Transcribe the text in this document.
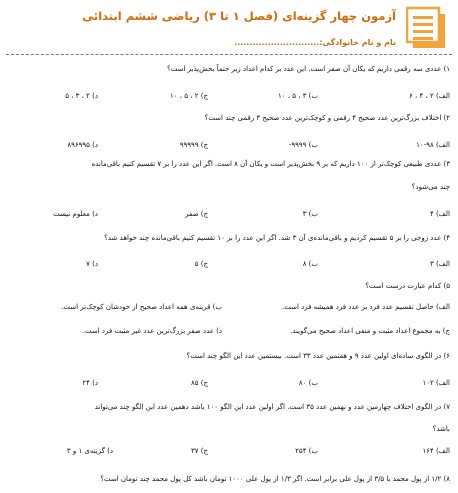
آزمون چهار گزینه‌ای (فصل ۱ تا ۳) ریاضی ششم ابتدائی
نام و نام خانوادگی:............................
۱) عددی سه رقمی داریم که یکان آن صفر است. این عدد بر کدام اعداد زیر حتماً بخش‌پذیر است؟
الف) ۲ ، ۴ ، ۶
ب) ۳ ، ۵ ، ۱۰
ج) ۲ ، ۵ ، ۱۰
د) ۲ ، ۳ ، ۵
۲) اختلاف بزرگ‌ترین عدد صحیح ۴ رقمی و کوچک‌ترین عدد صحیح ۳ رقمی چند است؟
الف) ۹۸-۱۰
ب) ۹۹۹۹-
ج) ۹۹۹۹۹
د) ۸۹۶۹۹۵
۳) عددی طبیعی کوچک‌تر از ۱۰۰ داریم که بر ۹ بخش‌پذیر است و یکان آن ۸ است. اگر این عدد را بر ۷ تقسیم کنیم باقی‌مانده
چند می‌شود؟
الف) ۴
ب) ۳
ج) صفر
د) معلوم نیست
۴) عدد زوجی را بر ۵ تقسیم کردیم و باقی‌مانده‌ی آن ۳ شد. اگر این عدد را بر ۱۰ تقسیم کنیم باقی‌مانده چند خواهد شد؟
الف) ۳
ب) ۸
ج) ۵
د) ۷
۵) کدام عبارت درست است؟
الف) حاصل تقسیم عدد فرد بر عدد فرد همیشه فرد است.
ب) قرینه‌ی همه اعداد صحیح از خودشان کوچک‌تر است.
ج) به مجموع اعداد مثبت و منفی اعداد صحیح می‌گویند.
د) عدد صفر بزرگ‌ترین عدد غیر مثبت فرد است.
۶) در الگوی ساده‌ای اولین عدد ۹ و هفتمین عدد ۳۳ است. بیستمین عدد این الگو چند است؟
الف) ۱۰۲
ب) ۸۰
ج) ۸۵
د) ۲۴
۷) در الگوی اختلاف چهارمین عدد و نهمین عدد ۳۵ است. اگر اولین عدد این الگو ۱۰۰ باشد دهمین عدد این الگو چند می‌تواند
باشد؟
الف) ۱۶۴
ب) ۲۵۴
ج) ۳۷
د) گزینه‌ی ۱ و ۳
۸) ۱/۲ از پول محمد با ۳/۵ از پول علی برابر است. اگر ۱/۳ از پول علی ۱۰۰۰ تومان باشد کل پول محمد چند تومان است؟
